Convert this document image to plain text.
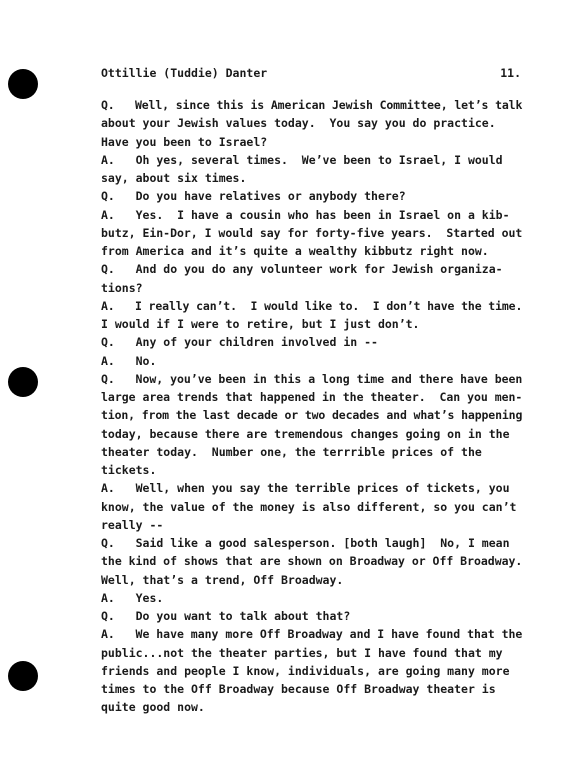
Ottillie (Tuddie) Danter	11.
Q.   Well, since this is American Jewish Committee, let’s talk
about your Jewish values today.  You say you do practice.
Have you been to Israel?
A.   Oh yes, several times.  We’ve been to Israel, I would
say, about six times.
Q.   Do you have relatives or anybody there?
A.   Yes.  I have a cousin who has been in Israel on a kib-
butz, Ein-Dor, I would say for forty-five years.  Started out
from America and it’s quite a wealthy kibbutz right now.
Q.   And do you do any volunteer work for Jewish organiza-
tions?
A.   I really can’t.  I would like to.  I don’t have the time.
I would if I were to retire, but I just don’t.
Q.   Any of your children involved in --
A.   No.
Q.   Now, you’ve been in this a long time and there have been
large area trends that happened in the theater.  Can you men-
tion, from the last decade or two decades and what’s happening
today, because there are tremendous changes going on in the
theater today.  Number one, the terrrible prices of the
tickets.
A.   Well, when you say the terrible prices of tickets, you
know, the value of the money is also different, so you can’t
really --
Q.   Said like a good salesperson. [both laugh]  No, I mean
the kind of shows that are shown on Broadway or Off Broadway.
Well, that’s a trend, Off Broadway.
A.   Yes.
Q.   Do you want to talk about that?
A.   We have many more Off Broadway and I have found that the
public...not the theater parties, but I have found that my
friends and people I know, individuals, are going many more
times to the Off Broadway because Off Broadway theater is
quite good now.
